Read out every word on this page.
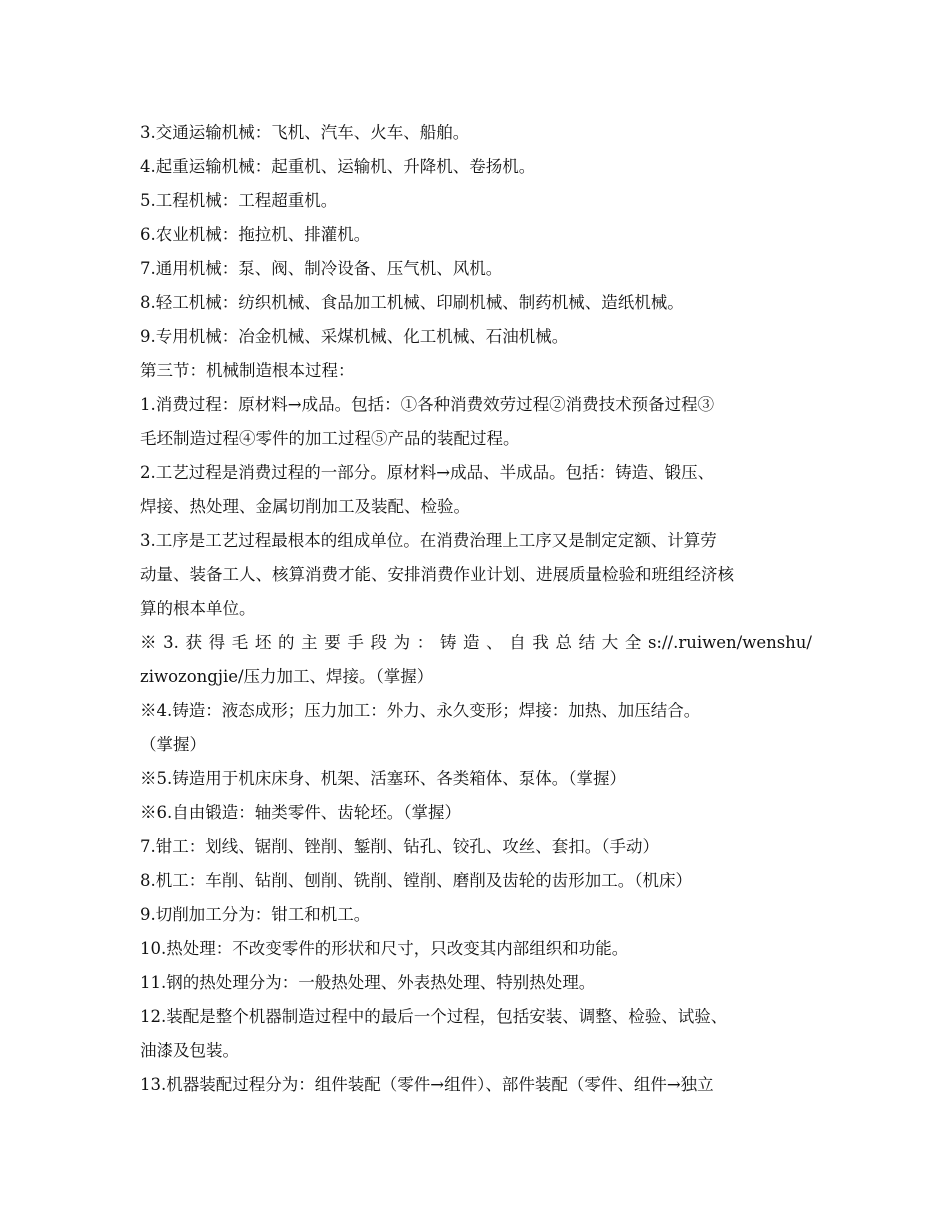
3.交通运输机械：飞机、汽车、火车、船舶。
4.起重运输机械：起重机、运输机、升降机、卷扬机。
5.工程机械：工程超重机。
6.农业机械：拖拉机、排灌机。
7.通用机械：泵、阀、制冷设备、压气机、风机。
8.轻工机械：纺织机械、食品加工机械、印刷机械、制药机械、造纸机械。
9.专用机械：冶金机械、采煤机械、化工机械、石油机械。
第三节：机械制造根本过程：
1.消费过程：原材料→成品。包括：①各种消费效劳过程②消费技术预备过程③
毛坯制造过程④零件的加工过程⑤产品的装配过程。
2.工艺过程是消费过程的一部分。原材料→成品、半成品。包括：铸造、锻压、
焊接、热处理、金属切削加工及装配、检验。
3.工序是工艺过程最根本的组成单位。在消费治理上工序又是制定定额、计算劳
动量、装备工人、核算消费才能、安排消费作业计划、进展质量检验和班组经济核
算的根本单位。
※3.获得毛坯的主要手段为：铸造、自我总结大全s://.ruiwen/wenshu/
ziwozongjie/压力加工、焊接。（掌握）
※4.铸造：液态成形；压力加工：外力、永久变形；焊接：加热、加压结合。
（掌握）
※5.铸造用于机床床身、机架、活塞环、各类箱体、泵体。（掌握）
※6.自由锻造：轴类零件、齿轮坯。（掌握）
7.钳工：划线、锯削、锉削、錾削、钻孔、铰孔、攻丝、套扣。（手动）
8.机工：车削、钻削、刨削、铣削、镗削、磨削及齿轮的齿形加工。（机床）
9.切削加工分为：钳工和机工。
10.热处理：不改变零件的形状和尺寸，只改变其内部组织和功能。
11.钢的热处理分为：一般热处理、外表热处理、特别热处理。
12.装配是整个机器制造过程中的最后一个过程，包括安装、调整、检验、试验、
油漆及包装。
13.机器装配过程分为：组件装配（零件→组件）、部件装配（零件、组件→独立
